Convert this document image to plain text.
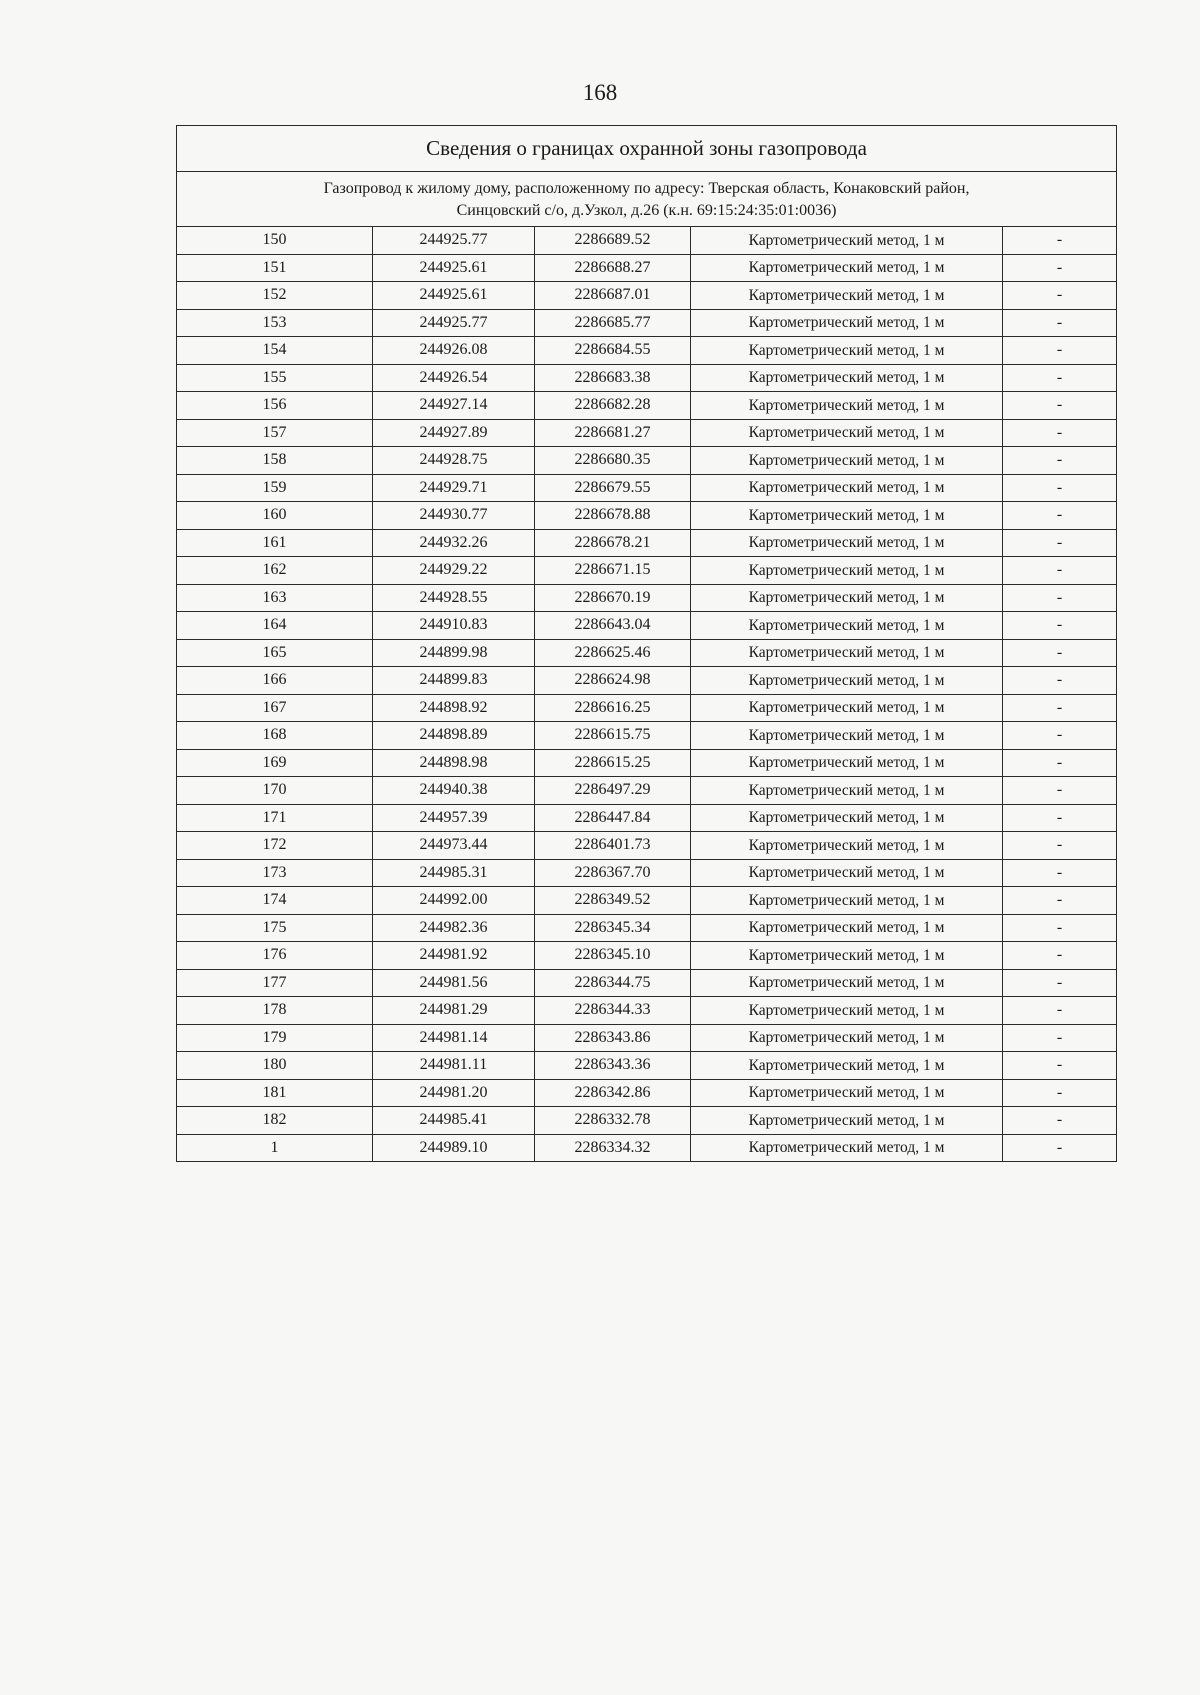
168
Сведения о границах охранной зоны газопровода				
Газопровод к жилому дому, расположенному по адресу: Тверская область, Конаковский район,
Синцовский с/о, д.Узкол, д.26 (к.н. 69:15:24:35:01:0036)				
150	244925.77	2286689.52	Картометрический метод, 1 м	-
151	244925.61	2286688.27	Картометрический метод, 1 м	-
152	244925.61	2286687.01	Картометрический метод, 1 м	-
153	244925.77	2286685.77	Картометрический метод, 1 м	-
154	244926.08	2286684.55	Картометрический метод, 1 м	-
155	244926.54	2286683.38	Картометрический метод, 1 м	-
156	244927.14	2286682.28	Картометрический метод, 1 м	-
157	244927.89	2286681.27	Картометрический метод, 1 м	-
158	244928.75	2286680.35	Картометрический метод, 1 м	-
159	244929.71	2286679.55	Картометрический метод, 1 м	-
160	244930.77	2286678.88	Картометрический метод, 1 м	-
161	244932.26	2286678.21	Картометрический метод, 1 м	-
162	244929.22	2286671.15	Картометрический метод, 1 м	-
163	244928.55	2286670.19	Картометрический метод, 1 м	-
164	244910.83	2286643.04	Картометрический метод, 1 м	-
165	244899.98	2286625.46	Картометрический метод, 1 м	-
166	244899.83	2286624.98	Картометрический метод, 1 м	-
167	244898.92	2286616.25	Картометрический метод, 1 м	-
168	244898.89	2286615.75	Картометрический метод, 1 м	-
169	244898.98	2286615.25	Картометрический метод, 1 м	-
170	244940.38	2286497.29	Картометрический метод, 1 м	-
171	244957.39	2286447.84	Картометрический метод, 1 м	-
172	244973.44	2286401.73	Картометрический метод, 1 м	-
173	244985.31	2286367.70	Картометрический метод, 1 м	-
174	244992.00	2286349.52	Картометрический метод, 1 м	-
175	244982.36	2286345.34	Картометрический метод, 1 м	-
176	244981.92	2286345.10	Картометрический метод, 1 м	-
177	244981.56	2286344.75	Картометрический метод, 1 м	-
178	244981.29	2286344.33	Картометрический метод, 1 м	-
179	244981.14	2286343.86	Картометрический метод, 1 м	-
180	244981.11	2286343.36	Картометрический метод, 1 м	-
181	244981.20	2286342.86	Картометрический метод, 1 м	-
182	244985.41	2286332.78	Картометрический метод, 1 м	-
1	244989.10	2286334.32	Картометрический метод, 1 м	-
